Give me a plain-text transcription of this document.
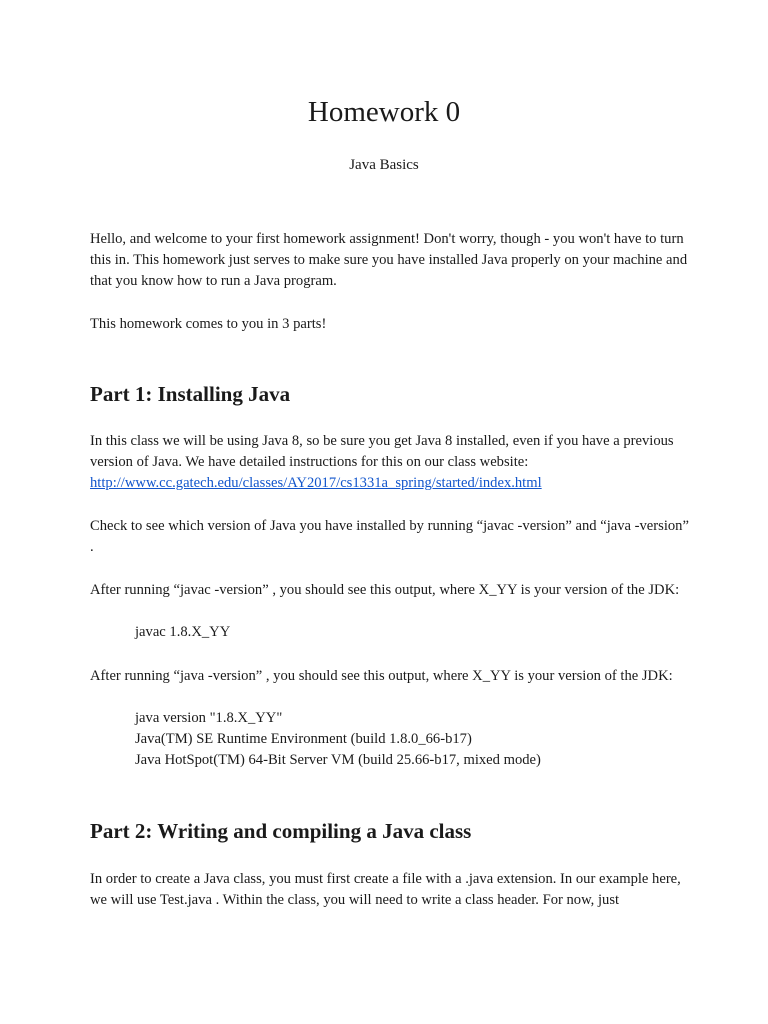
Homework 0
Java Basics
Hello, and welcome to your first homework assignment! Don't worry, though - you won't have to turn this in. This homework just serves to make sure you have installed Java properly on your machine and that you know how to run a Java program.
This homework comes to you in 3 parts!
Part 1: Installing Java
In this class we will be using Java 8, so be sure you get Java 8 installed, even if you have a previous version of Java. We have detailed instructions for this on our class website:
http://www.cc.gatech.edu/classes/AY2017/cs1331a_spring/started/index.html
Check to see which version of Java you have installed by running “javac -version” and “java -version” .
After running “javac -version” , you should see this output, where X_YY is your version of the JDK:
javac 1.8.X_YY
After running “java -version” , you should see this output, where X_YY is your version of the JDK:
java version "1.8.X_YY"
Java(TM) SE Runtime Environment (build 1.8.0_66-b17)
Java HotSpot(TM) 64-Bit Server VM (build 25.66-b17, mixed mode)
Part 2: Writing and compiling a Java class
In order to create a Java class, you must first create a file with a .java extension. In our example here, we will use Test.java . Within the class, you will need to write a class header. For now, just
